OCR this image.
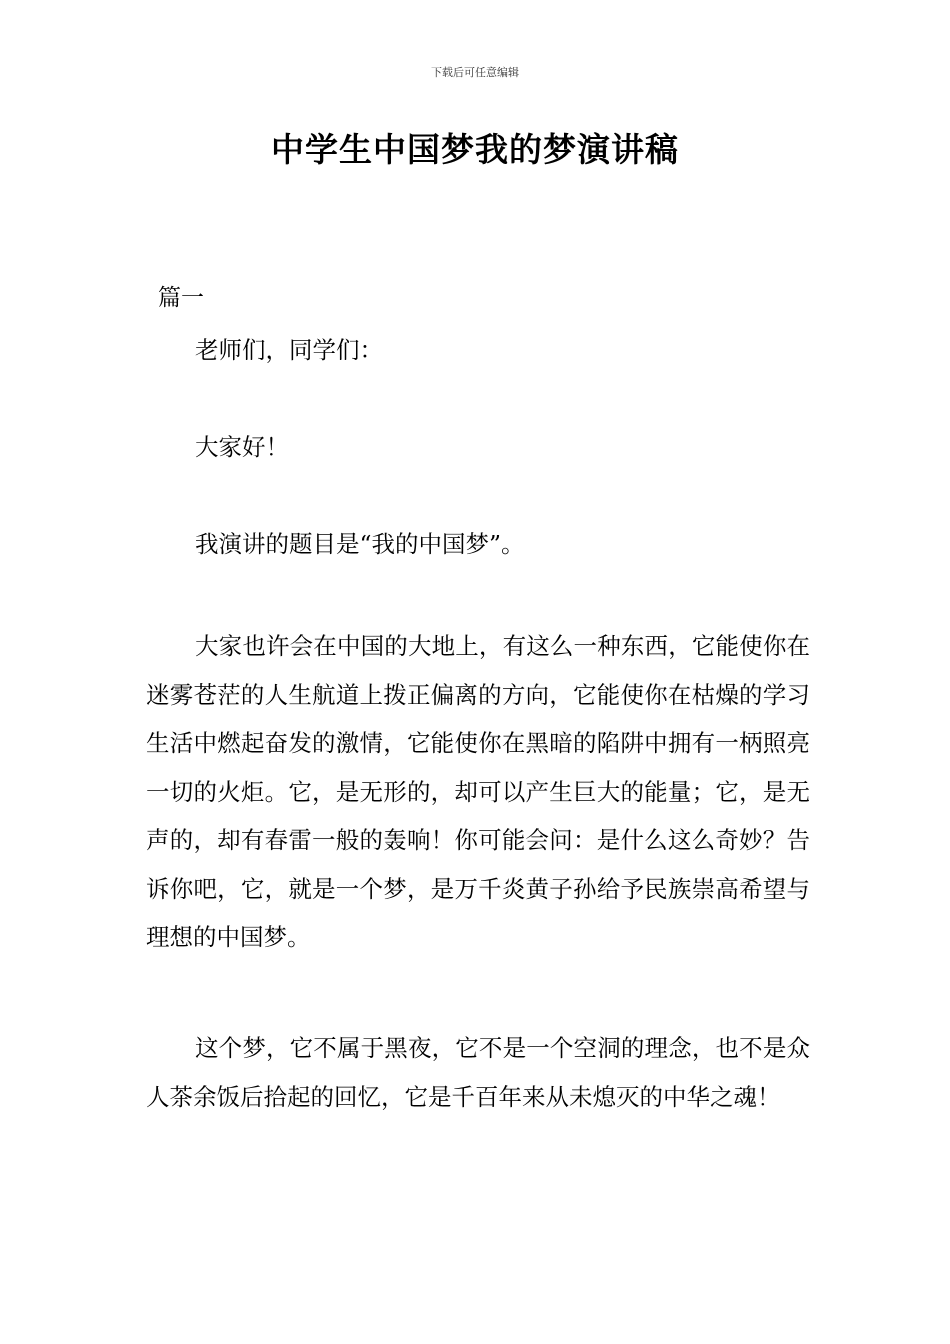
下载后可任意编辑
中学生中国梦我的梦演讲稿

篇一

老师们，同学们：

大家好！

我演讲的题目是“我的中国梦”。

大家也许会在中国的大地上，有这么一种东西，它能使你在迷雾苍茫的人生航道上拨正偏离的方向，它能使你在枯燥的学习生活中燃起奋发的激情，它能使你在黑暗的陷阱中拥有一柄照亮一切的火炬。它，是无形的，却可以产生巨大的能量；它，是无声的，却有春雷一般的轰响！你可能会问：是什么这么奇妙？告诉你吧，它，就是一个梦，是万千炎黄子孙给予民族崇高希望与理想的中国梦。

这个梦，它不属于黑夜，它不是一个空洞的理念，也不是众人茶余饭后拾起的回忆，它是千百年来从未熄灭的中华之魂！
